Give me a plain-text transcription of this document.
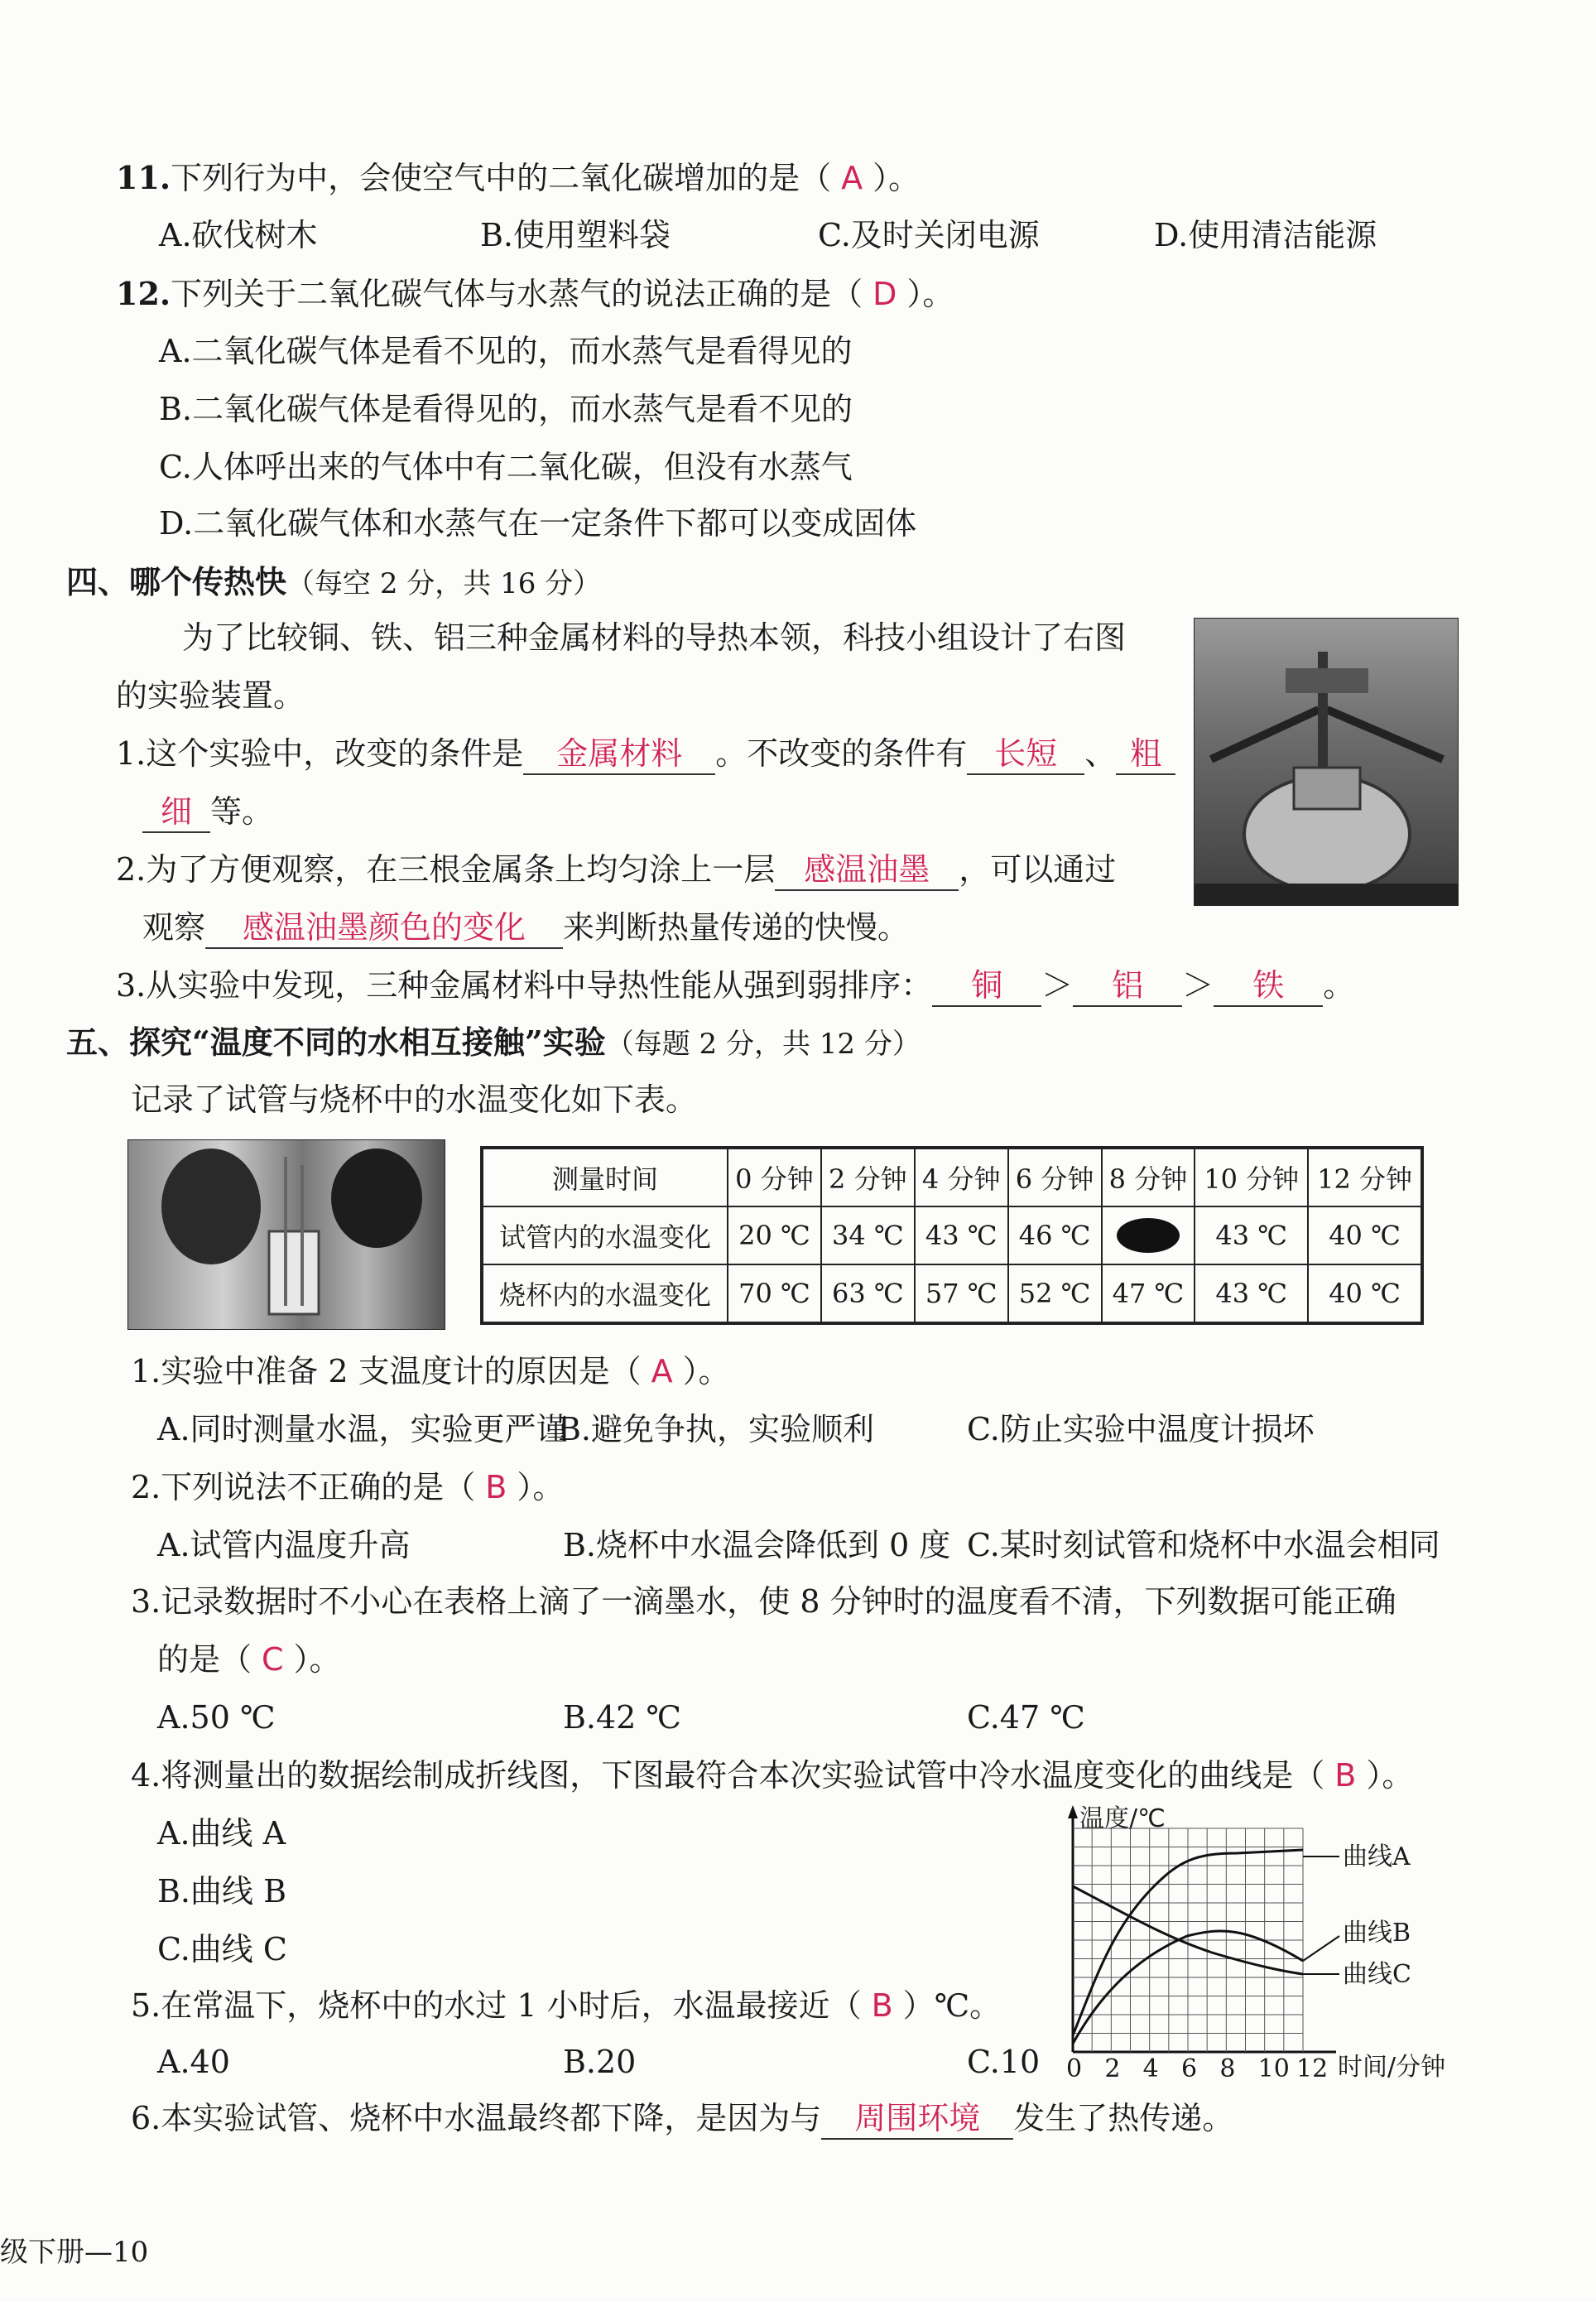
11.下列行为中，会使空气中的二氧化碳增加的是（ A ）。
A.砍伐树木	B.使用塑料袋	C.及时关闭电源	D.使用清洁能源
12.下列关于二氧化碳气体与水蒸气的说法正确的是（ D ）。
A.二氧化碳气体是看不见的，而水蒸气是看得见的
B.二氧化碳气体是看得见的，而水蒸气是看不见的
C.人体呼出来的气体中有二氧化碳，但没有水蒸气
D.二氧化碳气体和水蒸气在一定条件下都可以变成固体
四、哪个传热快（每空 2 分，共 16 分）
为了比较铜、铁、铝三种金属材料的导热本领，科技小组设计了右图
的实验装置。
1.这个实验中，改变的条件是 金属材料 。不改变的条件有 长短 、 粗
细 等。
2.为了方便观察，在三根金属条上均匀涂上一层 感温油墨 ，可以通过
观察 感温油墨颜色的变化 来判断热量传递的快慢。
3.从实验中发现，三种金属材料中导热性能从强到弱排序： 铜 ＞ 铝 ＞ 铁 。
五、探究“温度不同的水相互接触”实验（每题 2 分，共 12 分）
记录了试管与烧杯中的水温变化如下表。
测量时间	0 分钟	2 分钟	4 分钟	6 分钟	8 分钟	10 分钟	12 分钟
试管内的水温变化	20 ℃	34 ℃	43 ℃	46 ℃		43 ℃	40 ℃
烧杯内的水温变化	70 ℃	63 ℃	57 ℃	52 ℃	47 ℃	43 ℃	40 ℃
1.实验中准备 2 支温度计的原因是（ A ）。
A.同时测量水温，实验更严谨
B.避免争执，实验顺利	C.防止实验中温度计损坏
2.下列说法不正确的是（ B ）。
A.试管内温度升高	B.烧杯中水温会降低到 0 度 C.某时刻试管和烧杯中水温会相同
3.记录数据时不小心在表格上滴了一滴墨水，使 8 分钟时的温度看不清，下列数据可能正确
的是（ C ）。
A.50 ℃	B.42 ℃	C.47 ℃
4.将测量出的数据绘制成折线图，下图最符合本次实验试管中冷水温度变化的曲线是（ B ）。
A.曲线 A
B.曲线 B
C.曲线 C
5.在常温下，烧杯中的水过 1 小时后，水温最接近（ B ）℃。
A.40	B.20	C.10
6.本实验试管、烧杯中水温最终都下降，是因为与 周围环境 发生了热传递。
温度/℃
时间/分钟
0 2 4 6 8 10 12
曲线A
曲线B
曲线C
级下册—10
